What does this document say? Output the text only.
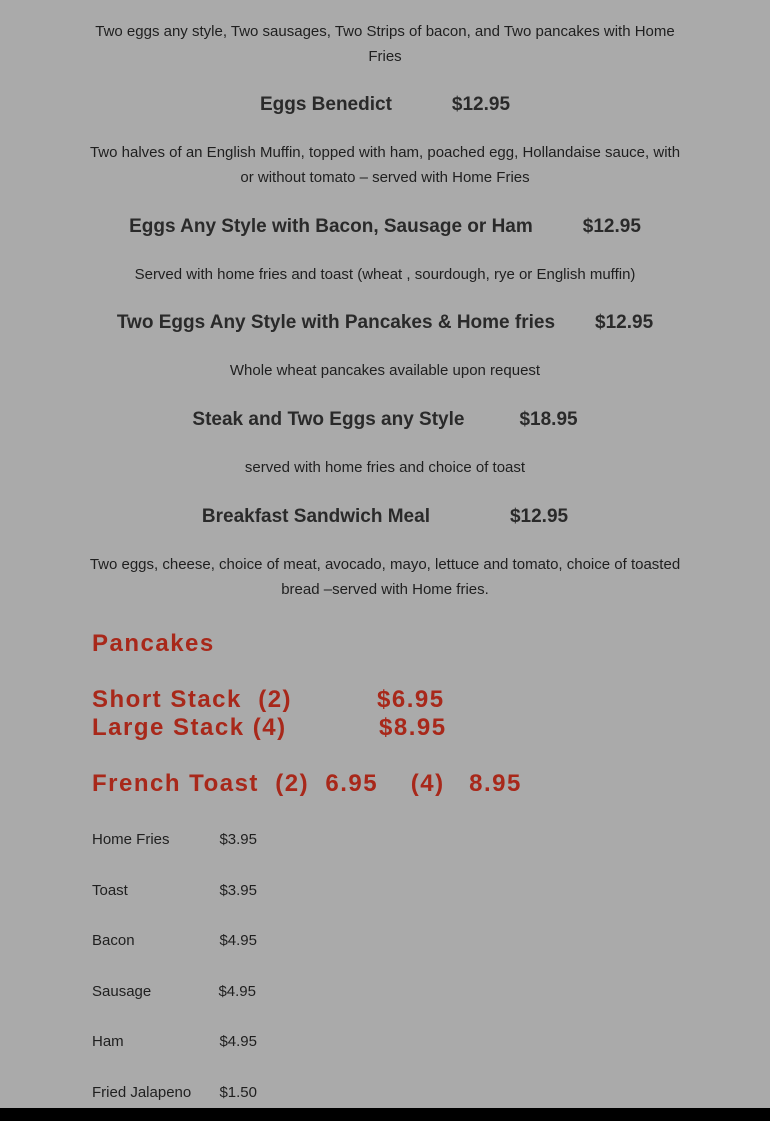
Two eggs any style, Two sausages, Two Strips of bacon, and Two pancakes with Home Fries
Eggs Benedict	$12.95
Two halves of an English Muffin, topped with ham, poached egg, Hollandaise sauce, with or without tomato – served with Home Fries
Eggs Any Style with Bacon, Sausage or Ham	$12.95
Served with home fries and toast (wheat , sourdough, rye or English muffin)
Two Eggs Any Style with Pancakes & Home fries $12.95
Whole wheat pancakes available upon request
Steak and Two Eggs any Style	$18.95
served with home fries and choice of toast
Breakfast Sandwich Meal	$12.95
Two eggs, cheese, choice of meat, avocado, mayo, lettuce and tomato, choice of toasted bread –served with Home fries.
Pancakes
Short Stack  (2)	$6.95
Large Stack (4)	$8.95
French Toast  (2)  6.95    (4)   8.95
Home Fries	$3.95
Toast	$3.95
Bacon	$4.95
Sausage	$4.95
Ham	$4.95
Fried Jalapeno $1.50
